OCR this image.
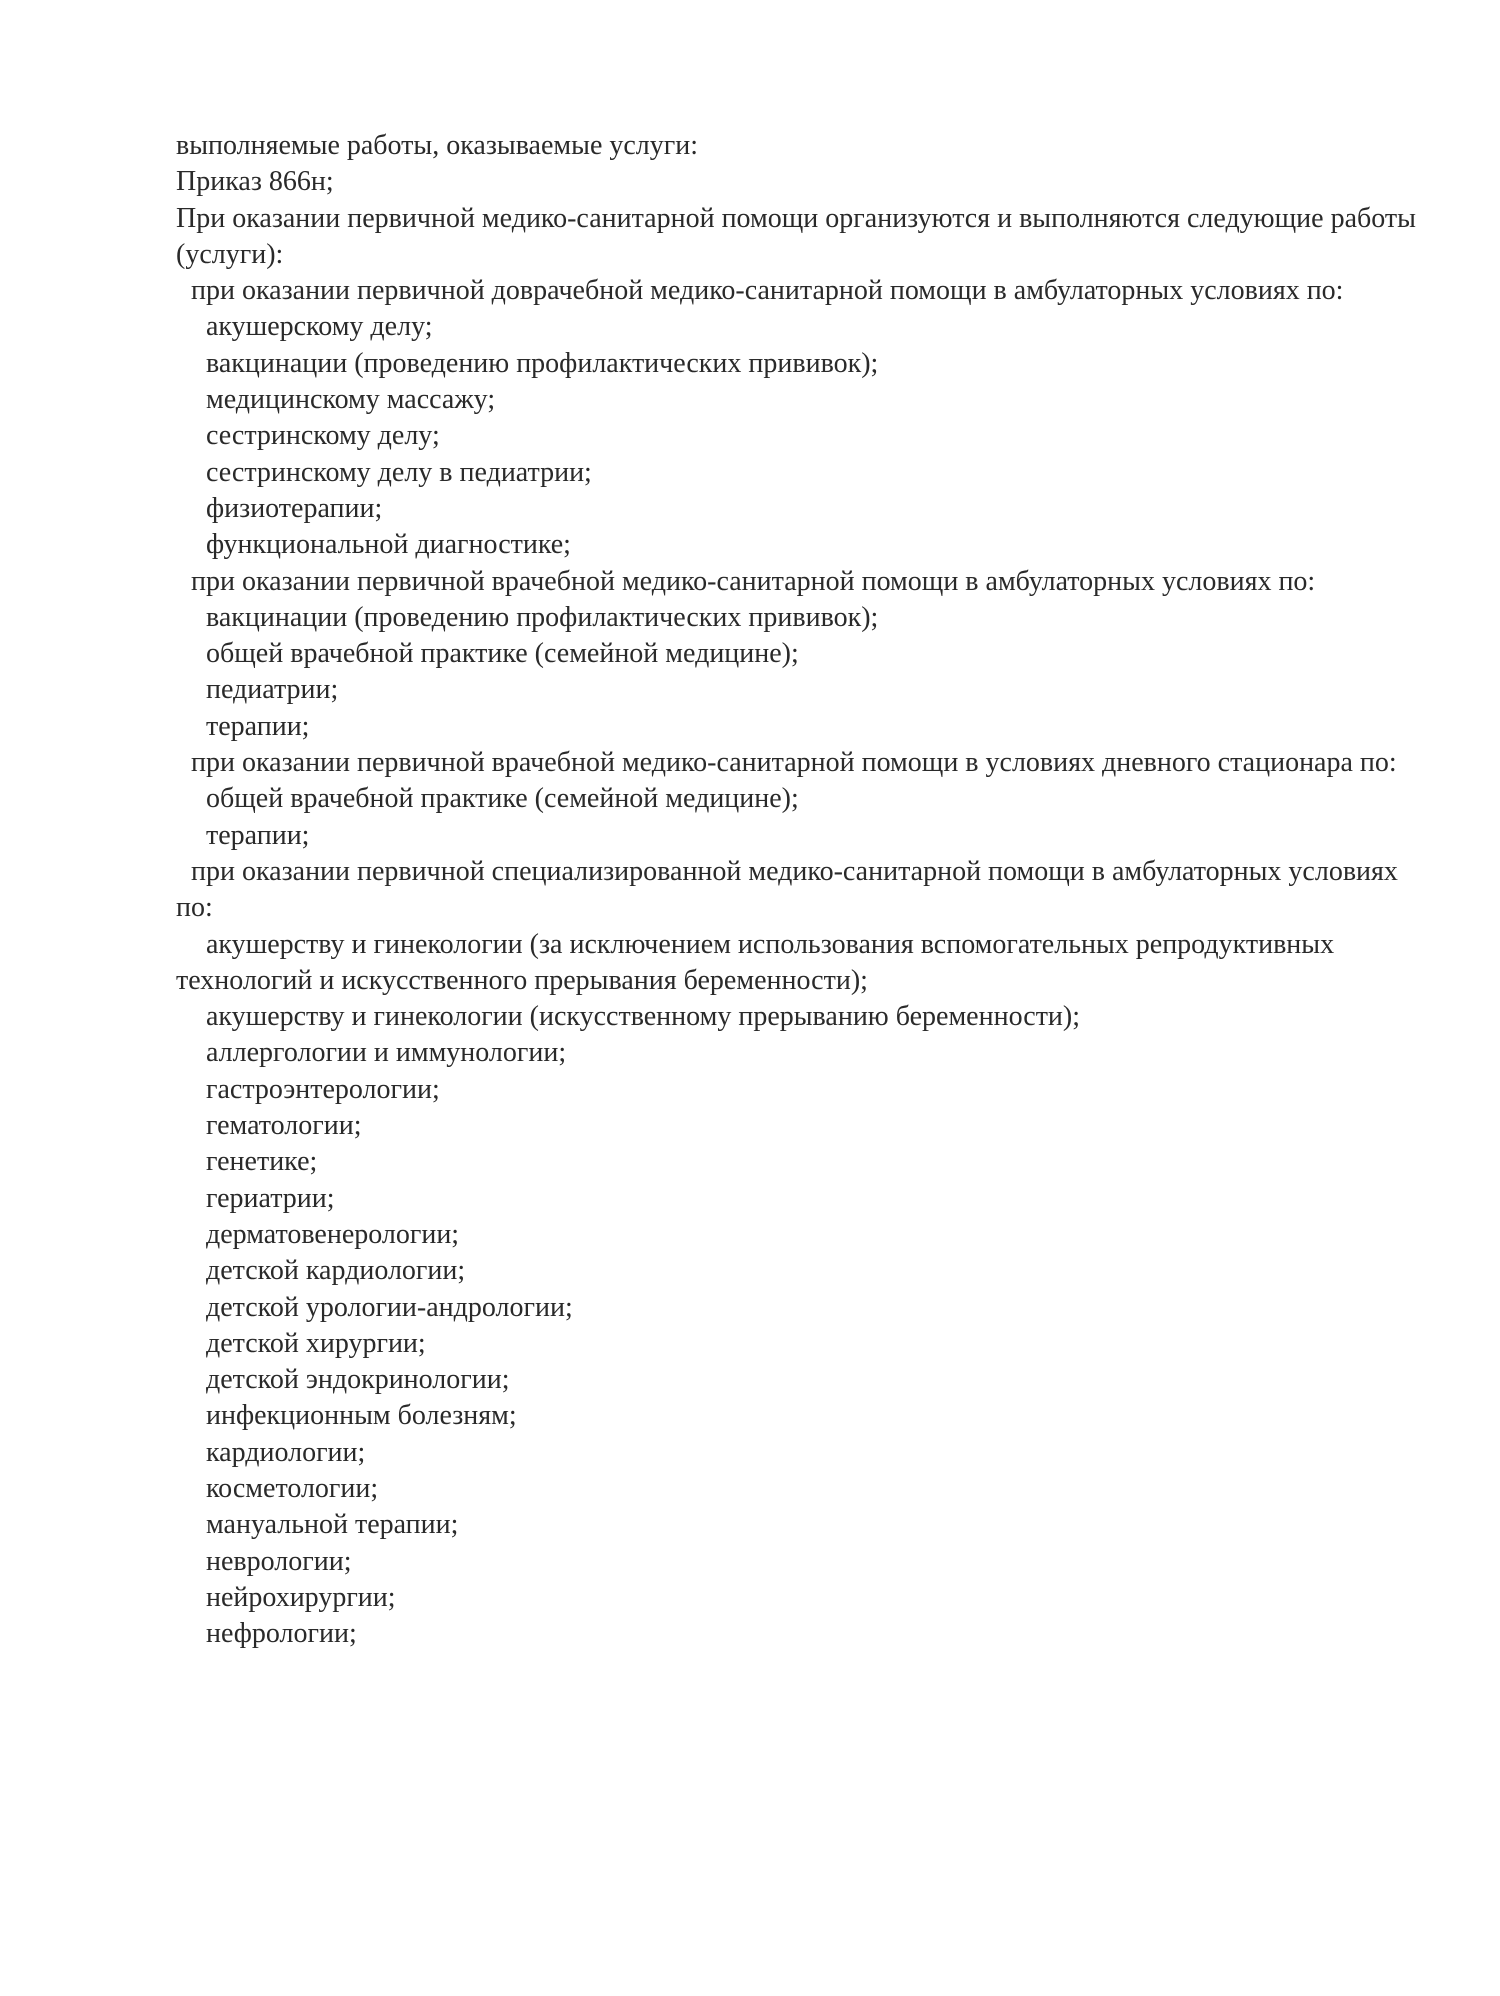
выполняемые работы, оказываемые услуги:

Приказ 866н;

При оказании первичной медико-санитарной помощи организуются и выполняются следующие работы (услуги):

при оказании первичной доврачебной медико-санитарной помощи в амбулаторных условиях по:

акушерскому делу;

вакцинации (проведению профилактических прививок);

медицинскому массажу;

сестринскому делу;

сестринскому делу в педиатрии;

физиотерапии;

функциональной диагностике;

при оказании первичной врачебной медико-санитарной помощи в амбулаторных условиях по:

вакцинации (проведению профилактических прививок);

общей врачебной практике (семейной медицине);

педиатрии;

терапии;

при оказании первичной врачебной медико-санитарной помощи в условиях дневного стационара по:

общей врачебной практике (семейной медицине);

терапии;

при оказании первичной специализированной медико-санитарной помощи в амбулаторных условиях по:

акушерству и гинекологии (за исключением использования вспомогательных репродуктивных технологий и искусственного прерывания беременности);

акушерству и гинекологии (искусственному прерыванию беременности);

аллергологии и иммунологии;

гастроэнтерологии;

гематологии;

генетике;

гериатрии;

дерматовенерологии;

детской кардиологии;

детской урологии-андрологии;

детской хирургии;

детской эндокринологии;

инфекционным болезням;

кардиологии;

косметологии;

мануальной терапии;

неврологии;

нейрохирургии;

нефрологии;
